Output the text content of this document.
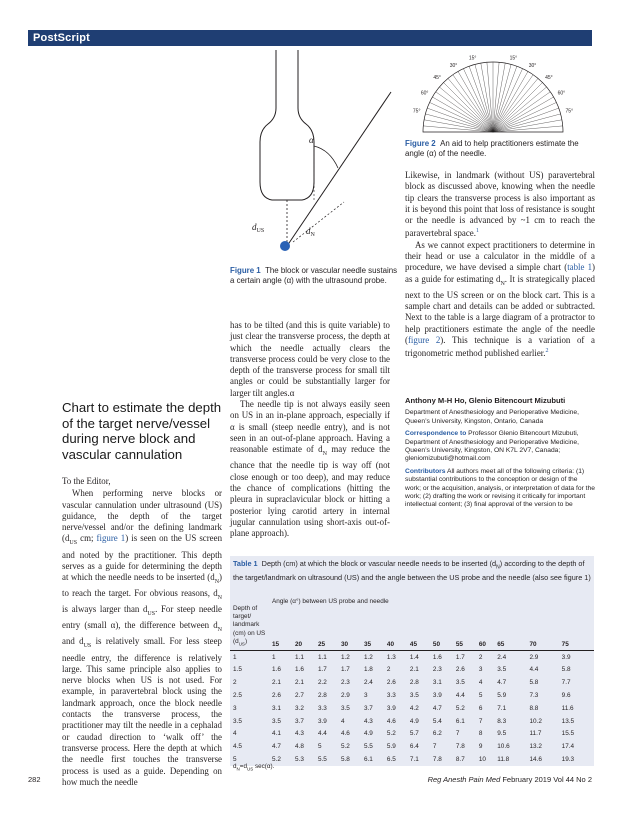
PostScript
α
$d_{US}$	$d_N$
Figure 1 The block or vascular needle sustains a certain angle (α) with the ultrasound probe.
15°
15°
30°
30°
45°
45°
60°
60°
75°
75°
Figure 2 An aid to help practitioners estimate the angle (α) of the needle.
Chart to estimate the depth of the target nerve/vessel during nerve block and vascular cannulation

To the Editor,

When performing nerve blocks or vascular cannulation under ultrasound (US) guidance, the depth of the target nerve/vessel and/or the defining landmark ($d_{US}$ cm; figure 1) is seen on the US screen and noted by the practitioner. This depth serves as a guide for determining the depth at which the needle needs to be inserted $(d_N)$ to reach the target. For obvious reasons, $d_N$ is always larger than $d_{US}$. For steep needle entry (small α), the difference between $d_N$ and $d_{US}$ is relatively small. For less steep needle entry, the difference is relatively large. This same principle also applies to nerve blocks when US is not used. For example, in paravertebral block using the landmark approach, once the block needle contacts the transverse process, the practitioner may tilt the needle in a cephalad or caudad direction to ‘walk off’ the transverse process. Here the depth at which the needle first touches the transverse process is used as a guide. Depending on how much the needle

has to be tilted (and this is quite variable) to just clear the transverse process, the depth at which the needle actually clears the transverse process could be very close to the depth of the transverse process for small tilt angles or could be substantially larger for larger tilt angles.α

The needle tip is not always easily seen on US in an in-plane approach, especially if α is small (steep needle entry), and is not seen in an out-of-plane approach. Having a reasonable estimate of $d_N$ may reduce the chance that the needle tip is way off (not close enough or too deep), and may reduce the chance of complications (hitting the pleura in supraclavicular block or hitting a posterior lying carotid artery in internal jugular cannulation using short-axis out-of-plane approach).

Likewise, in landmark (without US) paravertebral block as discussed above, knowing when the needle tip clears the transverse process is also important as it is beyond this point that loss of resistance is sought or the needle is advanced by ~1 cm to reach the paravertebral space.$^1$

As we cannot expect practitioners to determine in their head or use a calculator in the middle of a procedure, we have devised a simple chart (table 1) as a guide for estimating $d_N$. It is strategically placed next to the US screen or on the block cart. This is a sample chart and details can be added or subtracted. Next to the table is a large diagram of a protractor to help practitioners estimate the angle of the needle (figure 2). This technique is a variation of a trigonometric method published earlier.$^2$

Anthony M-H Ho, Glenio Bitencourt Mizubuti
Department of Anesthesiology and Perioperative Medicine, Queen’s University, Kingston, Ontario, Canada
Correspondence to Professor Glenio Bitencourt Mizubuti, Department of Anesthesiology and Perioperative Medicine, Queen’s University, Kingston, ON K7L 2V7, Canada; gleniomizubuti@hotmail.com
Contributors All authors meet all of the following criteria: (1) substantial contributions to the conception or design of the work; or the acquisition, analysis, or interpretation of data for the work; (2) drafting the work or revising it critically for important intellectual content; (3) final approval of the version to be
Table 1 Depth (cm) at which the block or vascular needle needs to be inserted $(d_N)$ according to the depth of the target/landmark on ultrasound (US) and the angle between the US probe and the needle (also see figure 1)
Depth of
target/
landmark
(cm) on US
$(d_{US})$	Angle (α°) between US probe and needle												
	15	20	25	30	35	40	45	50	55	60	65	70	75
1	1	1.1	1.1	1.2	1.2	1.3	1.4	1.6	1.7	2	2.4	2.9	3.9
1.5	1.6	1.6	1.7	1.7	1.8	2	2.1	2.3	2.6	3	3.5	4.4	5.8
2	2.1	2.1	2.2	2.3	2.4	2.6	2.8	3.1	3.5	4	4.7	5.8	7.7
2.5	2.6	2.7	2.8	2.9	3	3.3	3.5	3.9	4.4	5	5.9	7.3	9.6
3	3.1	3.2	3.3	3.5	3.7	3.9	4.2	4.7	5.2	6	7.1	8.8	11.6
3.5	3.5	3.7	3.9	4	4.3	4.6	4.9	5.4	6.1	7	8.3	10.2	13.5
4	4.1	4.3	4.4	4.6	4.9	5.2	5.7	6.2	7	8	9.5	11.7	15.5
4.5	4.7	4.8	5	5.2	5.5	5.9	6.4	7	7.8	9	10.6	13.2	17.4
5	5.2	5.3	5.5	5.8	6.1	6.5	7.1	7.8	8.7	10	11.8	14.6	19.3
$d_N=d_{US}$ sec(α).
282	Reg Anesth Pain Med February 2019 Vol 44 No 2
